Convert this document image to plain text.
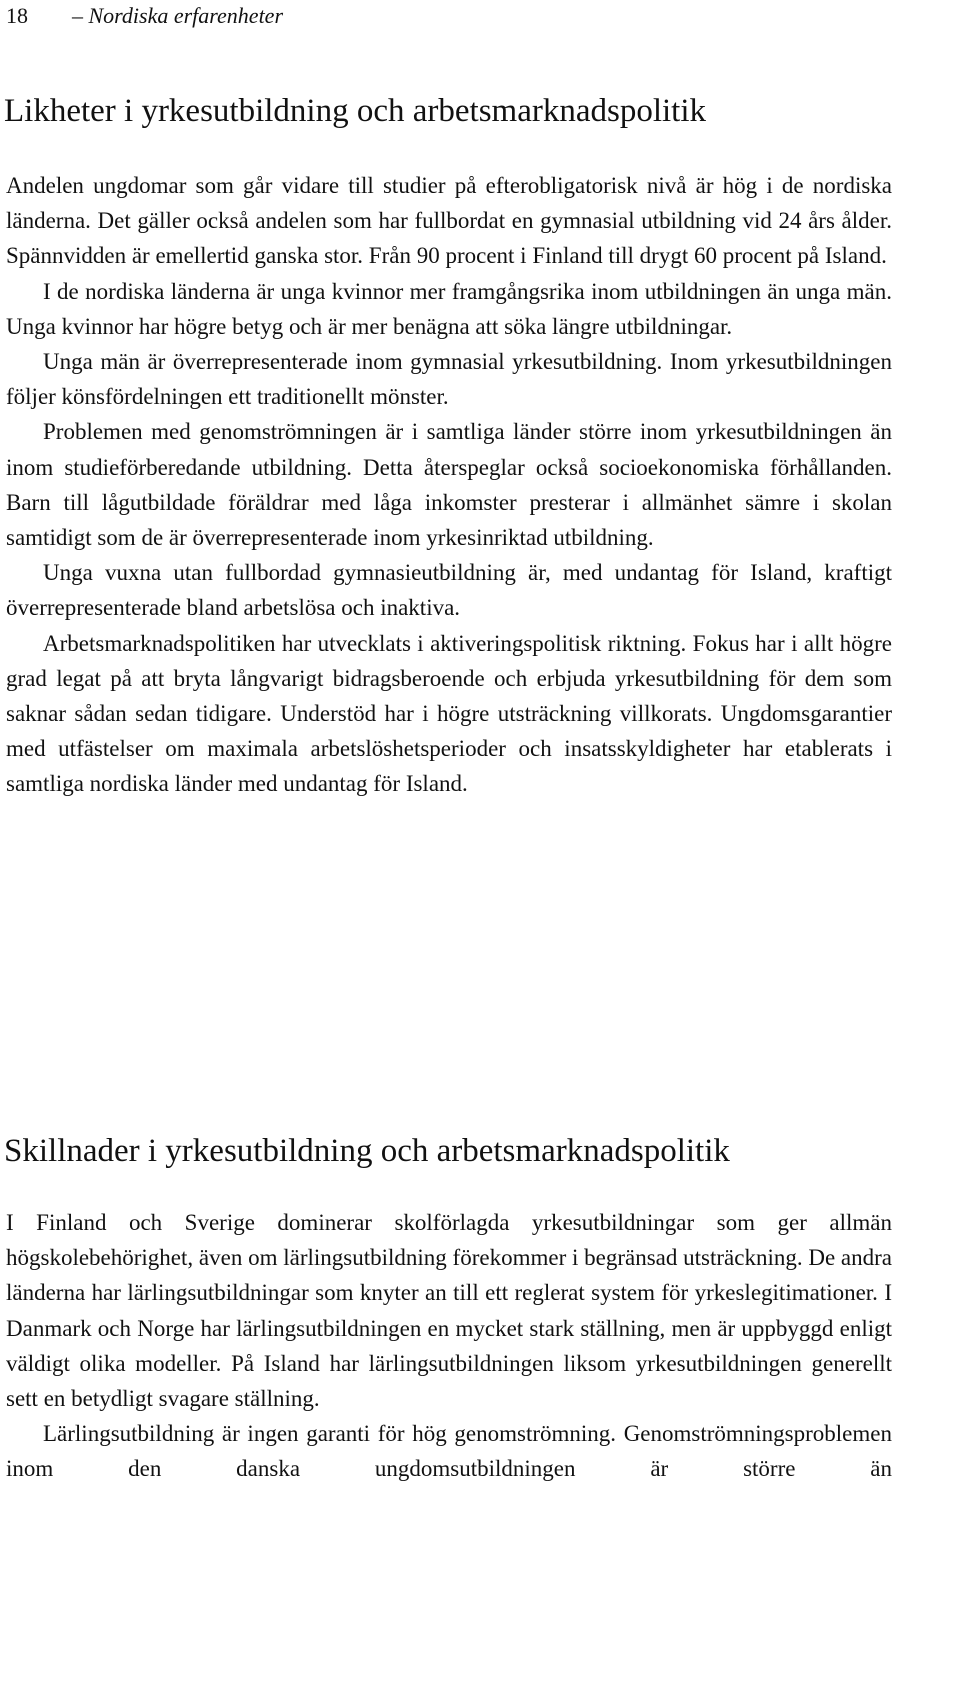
18 – Nordiska erfarenheter
Likheter i yrkesutbildning och arbetsmarknadspolitik

Andelen ungdomar som går vidare till studier på efterobligatorisk nivå är hög i de nordiska länderna. Det gäller också andelen som har fullbordat en gymnasial utbildning vid 24 års ålder. Spännvidden är emellertid ganska stor. Från 90 procent i Finland till drygt 60 procent på Island.

I de nordiska länderna är unga kvinnor mer framgångsrika inom utbildningen än unga män. Unga kvinnor har högre betyg och är mer benägna att söka längre utbildningar.

Unga män är överrepresenterade inom gymnasial yrkesutbildning. Inom yrkesutbildningen följer könsfördelningen ett traditionellt mönster.

Problemen med genomströmningen är i samtliga länder större inom yrkesutbildningen än inom studieförberedande utbildning. Detta återspeglar också socioekonomiska förhållanden. Barn till lågutbildade föräldrar med låga inkomster presterar i allmänhet sämre i skolan samtidigt som de är överrepresenterade inom yrkesinriktad utbildning.

Unga vuxna utan fullbordad gymnasieutbildning är, med undantag för Island, kraftigt överrepresenterade bland arbetslösa och inaktiva.

Arbetsmarknadspolitiken har utvecklats i aktiveringspolitisk riktning. Fokus har i allt högre grad legat på att bryta långvarigt bidragsberoende och erbjuda yrkesutbildning för dem som saknar sådan sedan tidigare. Understöd har i högre utsträckning villkorats. Ungdomsgarantier med utfästelser om maximala arbetslöshetsperioder och insatsskyldigheter har etablerats i samtliga nordiska länder med undantag för Island.

Skillnader i yrkesutbildning och arbetsmarknadspolitik

I Finland och Sverige dominerar skolförlagda yrkesutbildningar som ger allmän högskolebehörighet, även om lärlingsutbildning förekommer i begränsad utsträckning. De andra länderna har lärlingsutbildningar som knyter an till ett reglerat system för yrkeslegitimationer. I Danmark och Norge har lärlingsutbildningen en mycket stark ställning, men är uppbyggd enligt väldigt olika modeller. På Island har lärlingsutbildningen liksom yrkesutbildningen generellt sett en betydligt svagare ställning.

Lärlingsutbildning är ingen garanti för hög genomströmning. Genomströmningsproblemen inom den danska ungdomsutbildningen är större än
